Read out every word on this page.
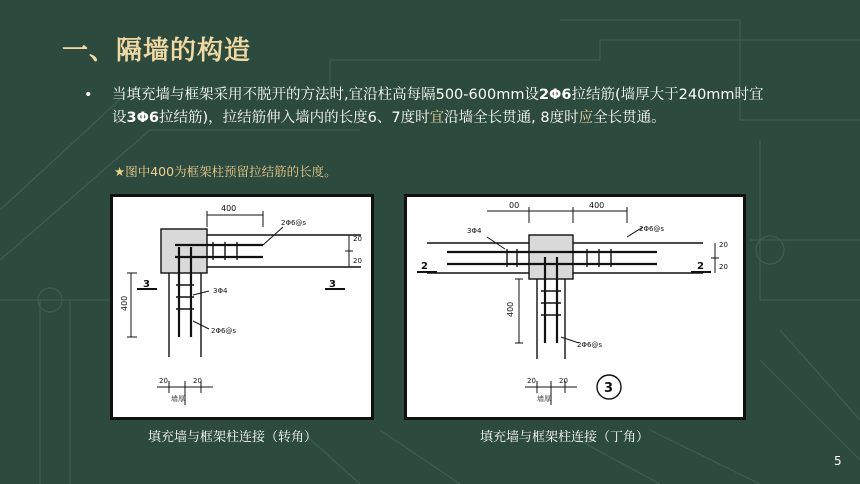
一、隔墙的构造
•	当填充墙与框架采用不脱开的方法时,宜沿柱高每隔500-600mm设2Φ6拉结筋(墙厚大于240mm时宜设3Φ6拉结筋)，拉结筋伸入墙内的长度6、7度时宜沿墙全长贯通, 8度时应全长贯通。
★图中400为框架柱预留拉结筋的长度。
400
2Φ6@s
20
20
3	3
400
3Φ4
2Φ6@s
20	20
墙厚
00	400
3Φ4	2Φ6@s
20
20
2	2
400
2Φ6@s
20	20
墙厚
3
填充墙与框架柱连接（转角）	填充墙与框架柱连接（丁角）
5
